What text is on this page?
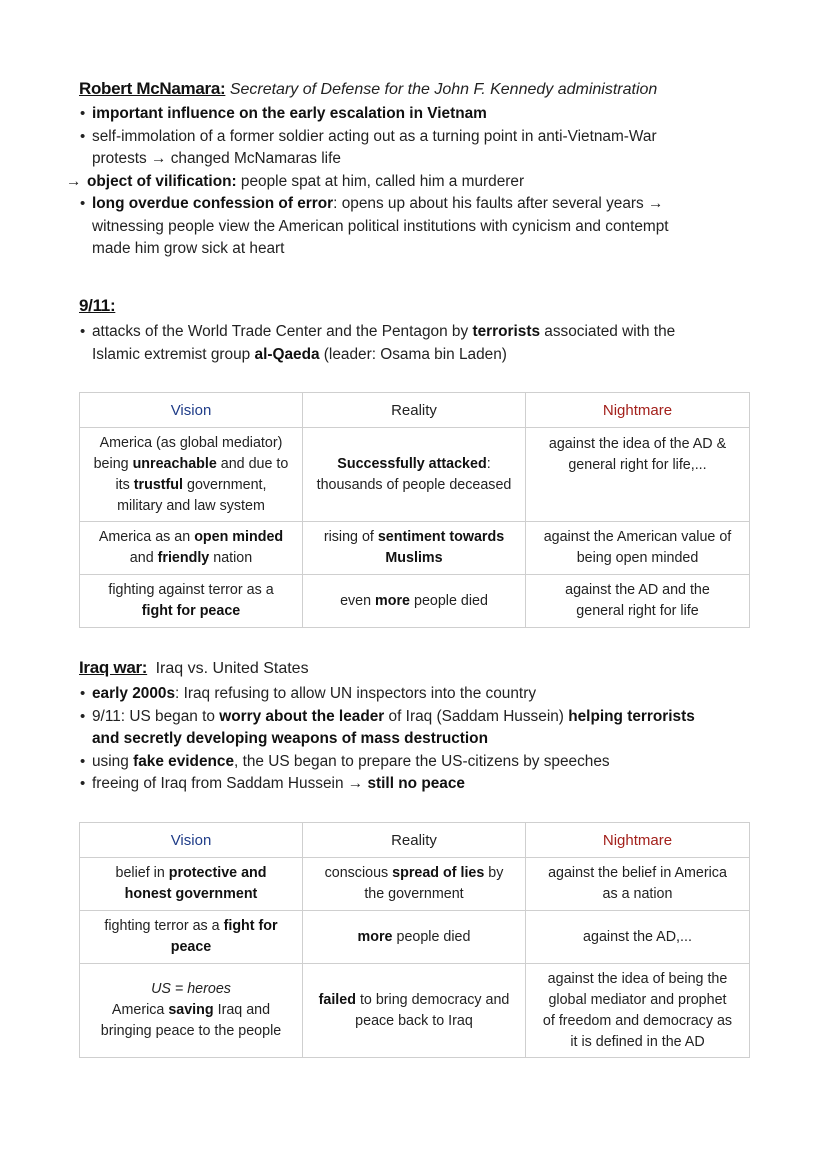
Robert McNamara: Secretary of Defense for the John F. Kennedy administration
• important influence on the early escalation in Vietnam
• self-immolation of a former soldier acting out as a turning point in anti-Vietnam-War
protests → changed McNamaras life
→ object of vilification: people spat at him, called him a murderer
• long overdue confession of error: opens up about his faults after several years →
witnessing people view the American political institutions with cynicism and contempt
made him grow sick at heart
9/11:
• attacks of the World Trade Center and the Pentagon by terrorists associated with the
Islamic extremist group al-Qaeda (leader: Osama bin Laden)
Vision	Reality	Nightmare
America (as global mediator)
being unreachable and due to
its trustful government,
military and law system	Successfully attacked:
thousands of people deceased	against the idea of the AD &
general right for life,...
America as an open minded
and friendly nation	rising of sentiment towards
Muslims	against the American value of
being open minded
fighting against terror as a
fight for peace	even more people died	against the AD and the
general right for life
Iraq war: Iraq vs. United States
• early 2000s: Iraq refusing to allow UN inspectors into the country
• 9/11: US began to worry about the leader of Iraq (Saddam Hussein) helping terrorists
and secretly developing weapons of mass destruction
• using fake evidence, the US began to prepare the US-citizens by speeches
• freeing of Iraq from Saddam Hussein → still no peace
Vision	Reality	Nightmare
belief in protective and
honest government	conscious spread of lies by
the government	against the belief in America
as a nation
fighting terror as a fight for
peace	more people died	against the AD,...
US = heroes
America saving Iraq and
bringing peace to the people	failed to bring democracy and
peace back to Iraq	against the idea of being the
global mediator and prophet
of freedom and democracy as
it is defined in the AD
